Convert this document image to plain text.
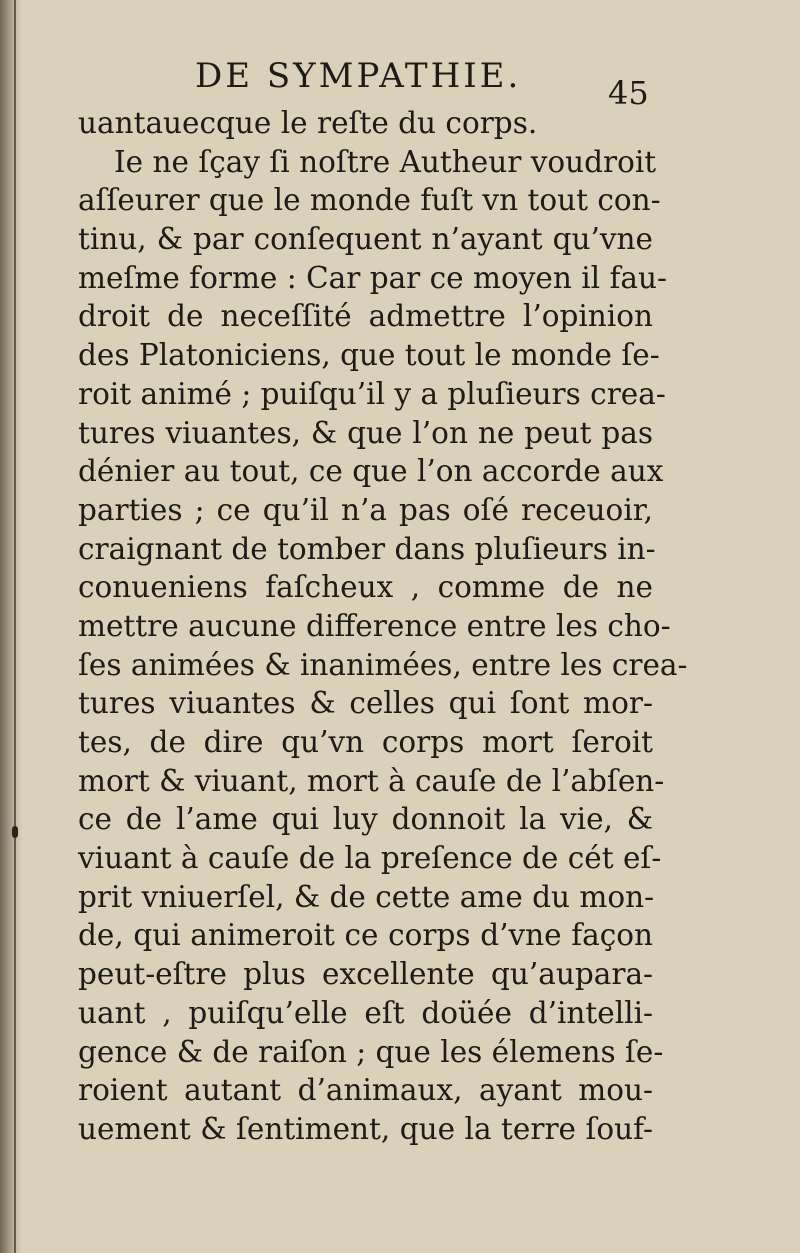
DE SYMPATHIE.	45
uantauecque le reſte du corps.
Ie ne ſçay ſi noſtre Autheur voudroit
aſſeurer que le monde fuſt vn tout con-
tinu, & par conſequent n’ayant qu’vne
meſme forme : Car par ce moyen il fau-
droit de neceſſité admettre l’opinion
des Platoniciens, que tout le monde ſe-
roit animé ; puiſqu’il y a pluſieurs crea-
tures viuantes, & que l’on ne peut pas
dénier au tout, ce que l’on accorde aux
parties ; ce qu’il n’a pas oſé receuoir,
craignant de tomber dans pluſieurs in-
conueniens faſcheux , comme de ne
mettre aucune difference entre les cho-
ſes animées & inanimées, entre les crea-
tures viuantes & celles qui ſont mor-
tes, de dire qu’vn corps mort ſeroit
mort & viuant, mort à cauſe de l’abſen-
ce de l’ame qui luy donnoit la vie, &
viuant à cauſe de la preſence de cét eſ-
prit vniuerſel, & de cette ame du mon-
de, qui animeroit ce corps d’vne façon
peut-eſtre plus excellente qu’aupara-
uant , puiſqu’elle eſt doüée d’intelli-
gence & de raiſon ; que les élemens ſe-
roient autant d’animaux, ayant mou-
uement & ſentiment, que la terre ſouf-
